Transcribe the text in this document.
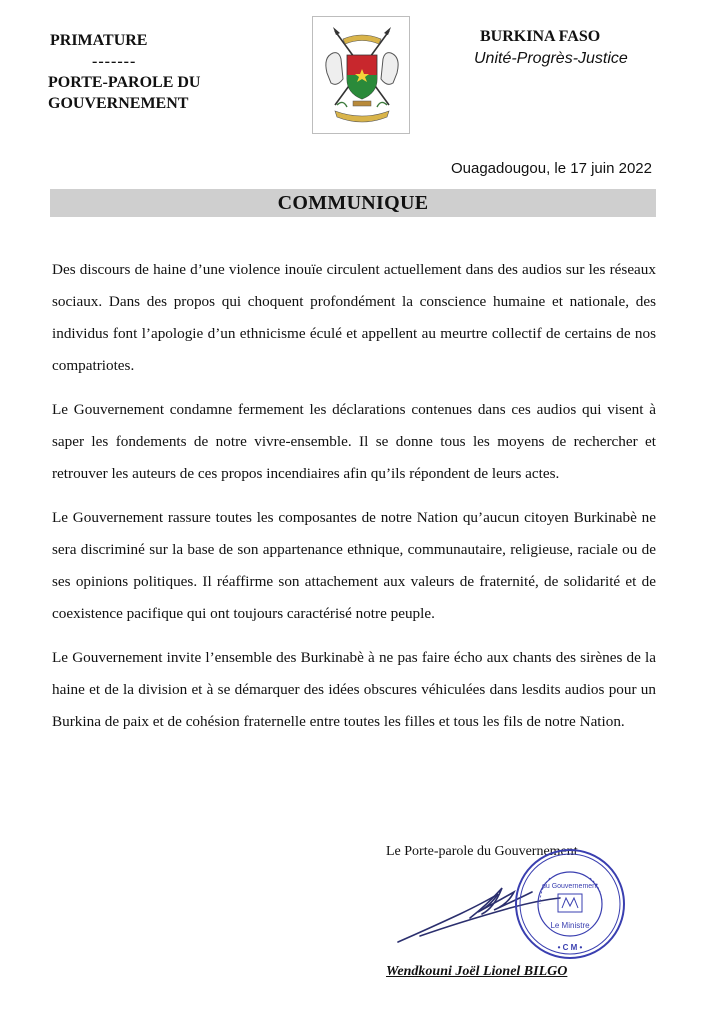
PRIMATURE
-------
PORTE-PAROLE DU GOUVERNEMENT
BURKINA FASO
Unité-Progrès-Justice
Ouagadougou, le 17 juin 2022
COMMUNIQUE

Des discours de haine d’une violence inouïe circulent actuellement dans des audios sur les réseaux sociaux. Dans des propos qui choquent profondément la conscience humaine et nationale, des individus font l’apologie d’un ethnicisme éculé et appellent au meurtre collectif de certains de nos compatriotes.

Le Gouvernement condamne fermement les déclarations contenues dans ces audios qui visent à saper les fondements de notre vivre-ensemble. Il se donne tous les moyens de rechercher et retrouver les auteurs de ces propos incendiaires afin qu’ils répondent de leurs actes.

Le Gouvernement rassure toutes les composantes de notre Nation qu’aucun citoyen Burkinabè ne sera discriminé sur la base de son appartenance ethnique, communautaire, religieuse, raciale ou de ses opinions politiques. Il réaffirme son attachement aux valeurs de fraternité, de solidarité et de coexistence pacifique qui ont toujours caractérisé notre peuple.

Le Gouvernement invite l’ensemble des Burkinabè à ne pas faire écho aux chants des sirènes de la haine et de la division et à se démarquer des idées obscures véhiculées dans lesdits audios pour un Burkina de paix et de cohésion fraternelle entre toutes les filles et tous les fils de notre Nation.

Le Porte-parole du Gouvernement
du Gouvernement
Le Ministre
• C M •
Wendkouni Joël Lionel BILGO
